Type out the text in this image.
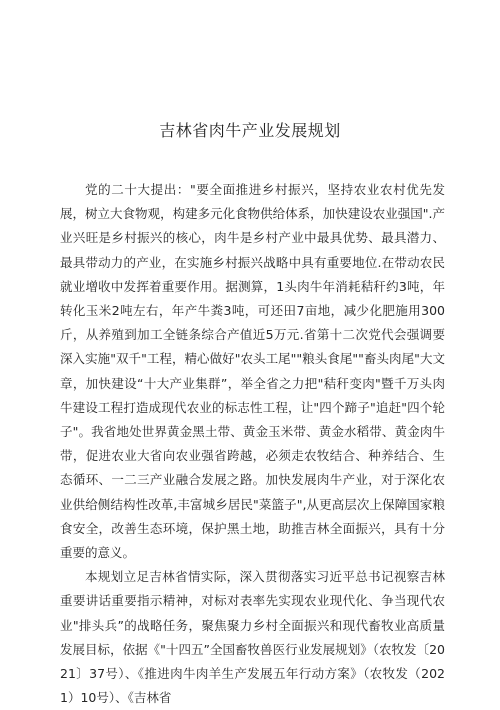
吉林省肉牛产业发展规划

党的二十大提出："要全面推进乡村振兴，坚持农业农村优先发展，树立大食物观，构建多元化食物供给体系，加快建设农业强国".产业兴旺是乡村振兴的核心，肉牛是乡村产业中最具优势、最具潜力、最具带动力的产业，在实施乡村振兴战略中具有重要地位.在带动农民就业增收中发挥着重要作用。据测算，1头肉牛年消耗秸秆约3吨，年转化玉米2吨左右，年产牛粪3吨，可还田7亩地，减少化肥施用300斤，从养殖到加工全链条综合产值近5万元.省第十二次党代会强调要深入实施"双千"工程，精心做好"农头工尾""粮头食尾""畜头肉尾"大文章，加快建设“十大产业集群”，举全省之力把"秸秆变肉"暨千万头肉牛建设工程打造成现代农业的标志性工程，让"四个蹄子"追赶"四个轮子"。我省地处世界黄金黑土带、黄金玉米带、黄金水稻带、黄金肉牛带，促进农业大省向农业强省跨越，必须走农牧结合、种养结合、生态循环、一二三产业融合发展之路。加快发展肉牛产业，对于深化农业供给侧结构性改革,丰富城乡居民"菜篮子",从更高层次上保障国家粮食安全，改善生态环境，保护黑土地，助推吉林全面振兴，具有十分重要的意义。

本规划立足吉林省情实际，深入贯彻落实习近平总书记视察吉林重要讲话重要指示精神，对标对表率先实现农业现代化、争当现代农业"排头兵”的战略任务，聚焦聚力乡村全面振兴和现代畜牧业高质量发展目标，依据《"十四五”全国畜牧兽医行业发展规划》（农牧发〔2021〕37号）、《推进肉牛肉羊生产发展五年行动方案》（农牧发（2021）10号）、《吉林省
